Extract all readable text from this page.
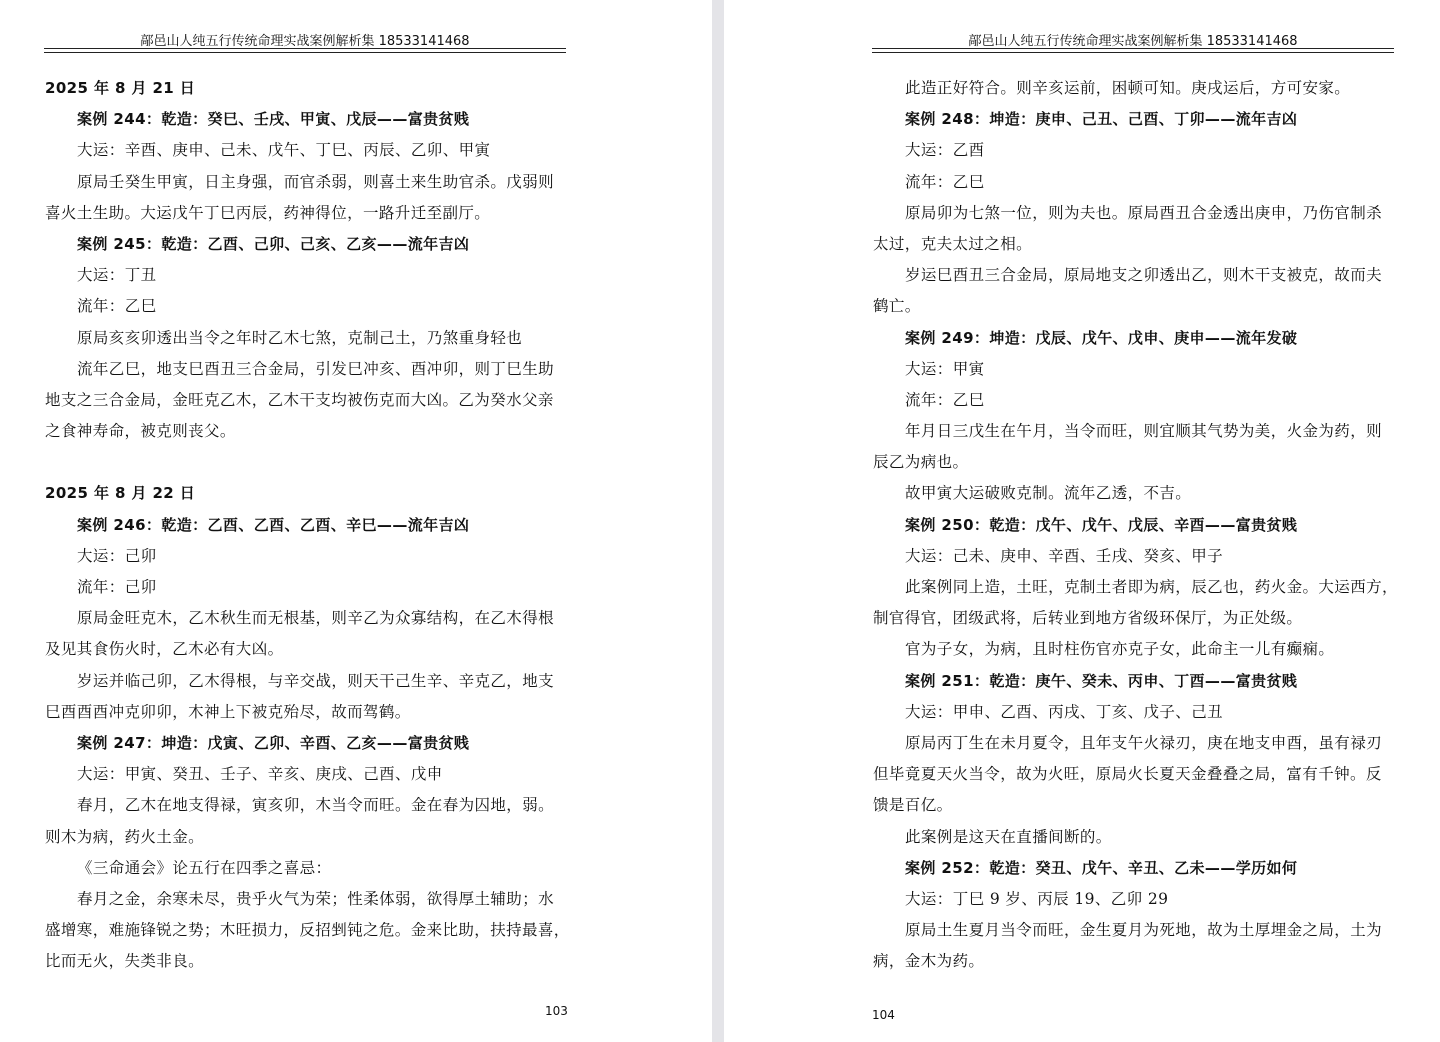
鄗邑山人纯五行传统命理实战案例解析集 18533141468
2025 年 8 月 21 日
案例 244：乾造：癸巳、壬戌、甲寅、戊辰——富贵贫贱
大运：辛酉、庚申、己未、戊午、丁巳、丙辰、乙卯、甲寅
原局壬癸生甲寅，日主身强，而官杀弱，则喜土来生助官杀。戊弱则
喜火土生助。大运戊午丁巳丙辰，药神得位，一路升迁至副厅。
案例 245：乾造：乙酉、己卯、己亥、乙亥——流年吉凶
大运：丁丑
流年：乙巳
原局亥亥卯透出当令之年时乙木七煞，克制己土，乃煞重身轻也
流年乙巳，地支巳酉丑三合金局，引发巳冲亥、酉冲卯，则丁巳生助
地支之三合金局，金旺克乙木，乙木干支均被伤克而大凶。乙为癸水父亲
之食神寿命，被克则丧父。
2025 年 8 月 22 日
案例 246：乾造：乙酉、乙酉、乙酉、辛巳——流年吉凶
大运：己卯
流年：己卯
原局金旺克木，乙木秋生而无根基，则辛乙为众寡结构，在乙木得根
及见其食伤火时，乙木必有大凶。
岁运并临己卯，乙木得根，与辛交战，则天干己生辛、辛克乙，地支
巳酉酉酉冲克卯卯，木神上下被克殆尽，故而驾鹤。
案例 247：坤造：戊寅、乙卯、辛酉、乙亥——富贵贫贱
大运：甲寅、癸丑、壬子、辛亥、庚戌、己酉、戊申
春月，乙木在地支得禄，寅亥卯，木当令而旺。金在春为囚地，弱。
则木为病，药火土金。
《三命通会》论五行在四季之喜忌：
春月之金，余寒未尽，贵乎火气为荣；性柔体弱，欲得厚土辅助；水
盛增寒，难施锋锐之势；木旺损力，反招剉钝之危。金来比助，扶持最喜，
比而无火，失类非良。
103
鄗邑山人纯五行传统命理实战案例解析集 18533141468
此造正好符合。则辛亥运前，困顿可知。庚戌运后，方可安家。
案例 248：坤造：庚申、己丑、己酉、丁卯——流年吉凶
大运：乙酉
流年：乙巳
原局卯为七煞一位，则为夫也。原局酉丑合金透出庚申，乃伤官制杀
太过，克夫太过之相。
岁运巳酉丑三合金局，原局地支之卯透出乙，则木干支被克，故而夫
鹤亡。
案例 249：坤造：戊辰、戊午、戊申、庚申——流年发破
大运：甲寅
流年：乙巳
年月日三戊生在午月，当令而旺，则宜顺其气势为美，火金为药，则
辰乙为病也。
故甲寅大运破败克制。流年乙透，不吉。
案例 250：乾造：戊午、戊午、戊辰、辛酉——富贵贫贱
大运：己未、庚申、辛酉、壬戌、癸亥、甲子
此案例同上造，土旺，克制土者即为病，辰乙也，药火金。大运西方，
制官得官，团级武将，后转业到地方省级环保厅，为正处级。
官为子女，为病，且时柱伤官亦克子女，此命主一儿有癫痫。
案例 251：乾造：庚午、癸未、丙申、丁酉——富贵贫贱
大运：甲申、乙酉、丙戌、丁亥、戊子、己丑
原局丙丁生在未月夏令，且年支午火禄刃，庚在地支申酉，虽有禄刃
但毕竟夏天火当令，故为火旺，原局火长夏天金叠叠之局，富有千钟。反
馈是百亿。
此案例是这天在直播间断的。
案例 252：乾造：癸丑、戊午、辛丑、乙未——学历如何
大运：丁巳 9 岁、丙辰 19、乙卯 29
原局土生夏月当令而旺，金生夏月为死地，故为土厚埋金之局，土为
病，金木为药。
104
